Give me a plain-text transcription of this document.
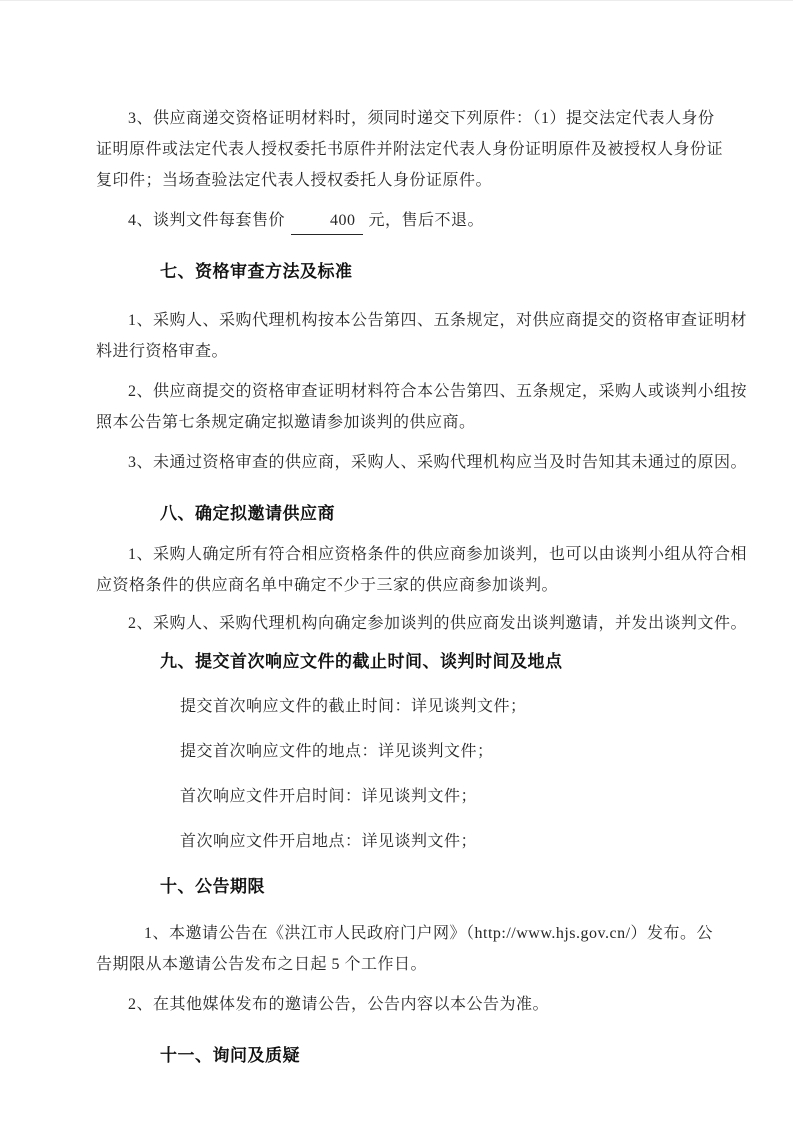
3、供应商递交资格证明材料时，须同时递交下列原件：（1）提交法定代表人身份
证明原件或法定代表人授权委托书原件并附法定代表人身份证明原件及被授权人身份证
复印件；当场查验法定代表人授权委托人身份证原件。
4、谈判文件每套售价	400 元，售后不退。
七、资格审查方法及标准
1、采购人、采购代理机构按本公告第四、五条规定，对供应商提交的资格审查证明材
料进行资格审查。
2、供应商提交的资格审查证明材料符合本公告第四、五条规定，采购人或谈判小组按
照本公告第七条规定确定拟邀请参加谈判的供应商。
3、未通过资格审查的供应商，采购人、采购代理机构应当及时告知其未通过的原因。
八、确定拟邀请供应商
1、采购人确定所有符合相应资格条件的供应商参加谈判，也可以由谈判小组从符合相
应资格条件的供应商名单中确定不少于三家的供应商参加谈判。
2、采购人、采购代理机构向确定参加谈判的供应商发出谈判邀请，并发出谈判文件。
九、提交首次响应文件的截止时间、谈判时间及地点
提交首次响应文件的截止时间：详见谈判文件；
提交首次响应文件的地点：详见谈判文件；
首次响应文件开启时间：详见谈判文件；
首次响应文件开启地点：详见谈判文件；
十、公告期限
1、本邀请公告在《洪江市人民政府门户网》（http://www.hjs.gov.cn/）发布。公
告期限从本邀请公告发布之日起 5 个工作日。
2、在其他媒体发布的邀请公告，公告内容以本公告为准。
十一、询问及质疑
